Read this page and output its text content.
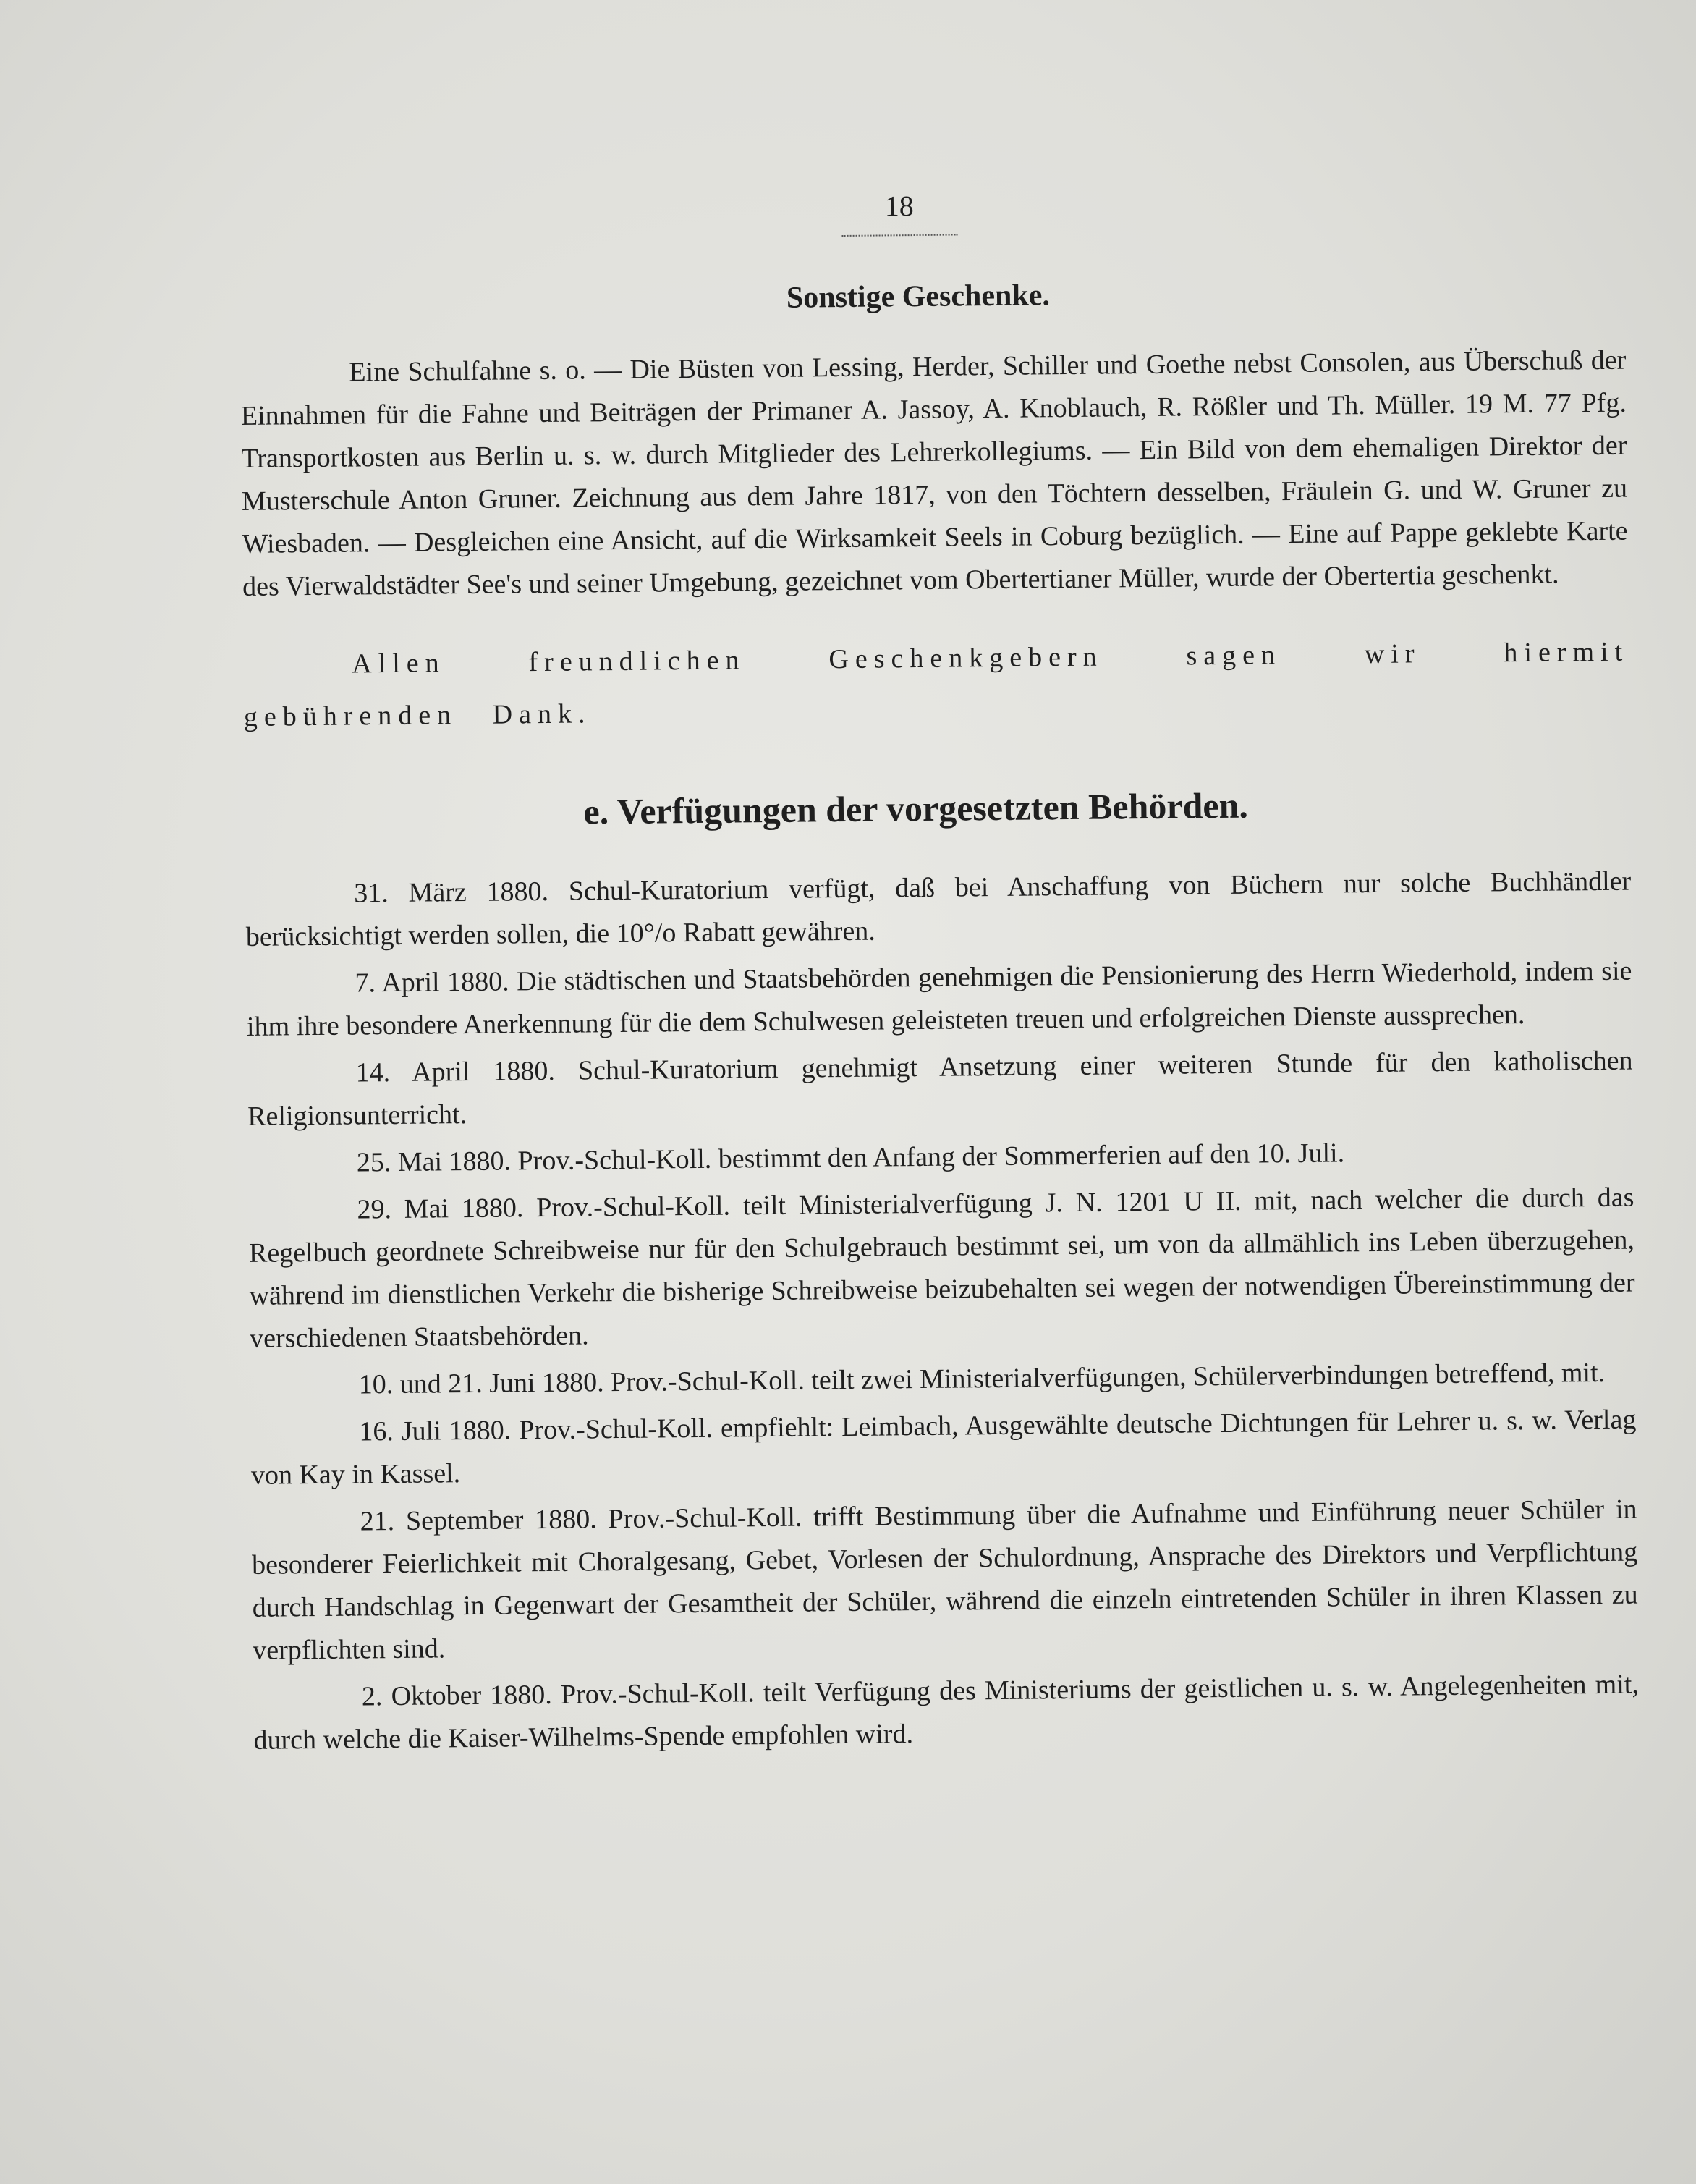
18
Sonstige Geschenke.

Eine Schulfahne s. o. — Die Büsten von Lessing, Herder, Schiller und Goethe nebst Consolen, aus Überschuß der Einnahmen für die Fahne und Beiträgen der Primaner A. Jassoy, A. Knoblauch, R. Rößler und Th. Müller. 19 M. 77 Pfg. Transportkosten aus Berlin u. s. w. durch Mitglieder des Lehrerkollegiums. — Ein Bild von dem ehemaligen Direktor der Musterschule Anton Gruner. Zeichnung aus dem Jahre 1817, von den Töchtern desselben, Fräulein G. und W. Gruner zu Wiesbaden. — Desgleichen eine Ansicht, auf die Wirksamkeit Seels in Coburg bezüglich. — Eine auf Pappe geklebte Karte des Vierwaldstädter See's und seiner Umgebung, gezeichnet vom Obertertianer Müller, wurde der Obertertia geschenkt.

Allen freundlichen Geschenkgebern sagen wir hiermit gebührenden Dank.

e. Verfügungen der vorgesetzten Behörden.

31. März 1880. Schul-Kuratorium verfügt, daß bei Anschaffung von Büchern nur solche Buchhändler berücksichtigt werden sollen, die 10°/o Rabatt gewähren.

7. April 1880. Die städtischen und Staatsbehörden genehmigen die Pensionierung des Herrn Wiederhold, indem sie ihm ihre besondere Anerkennung für die dem Schulwesen geleisteten treuen und erfolgreichen Dienste aussprechen.

14. April 1880. Schul-Kuratorium genehmigt Ansetzung einer weiteren Stunde für den katholischen Religionsunterricht.

25. Mai 1880. Prov.-Schul-Koll. bestimmt den Anfang der Sommerferien auf den 10. Juli.

29. Mai 1880. Prov.-Schul-Koll. teilt Ministerialverfügung J. N. 1201 U II. mit, nach welcher die durch das Regelbuch geordnete Schreibweise nur für den Schulgebrauch bestimmt sei, um von da allmählich ins Leben überzugehen, während im dienstlichen Verkehr die bisherige Schreibweise beizubehalten sei wegen der notwendigen Übereinstimmung der verschiedenen Staatsbehörden.

10. und 21. Juni 1880. Prov.-Schul-Koll. teilt zwei Ministerialverfügungen, Schülerverbindungen betreffend, mit.

16. Juli 1880. Prov.-Schul-Koll. empfiehlt: Leimbach, Ausgewählte deutsche Dichtungen für Lehrer u. s. w. Verlag von Kay in Kassel.

21. September 1880. Prov.-Schul-Koll. trifft Bestimmung über die Aufnahme und Einführung neuer Schüler in besonderer Feierlichkeit mit Choralgesang, Gebet, Vorlesen der Schulordnung, Ansprache des Direktors und Verpflichtung durch Handschlag in Gegenwart der Gesamtheit der Schüler, während die einzeln eintretenden Schüler in ihren Klassen zu verpflichten sind.

2. Oktober 1880. Prov.-Schul-Koll. teilt Verfügung des Ministeriums der geistlichen u. s. w. Angelegenheiten mit, durch welche die Kaiser-Wilhelms-Spende empfohlen wird.
